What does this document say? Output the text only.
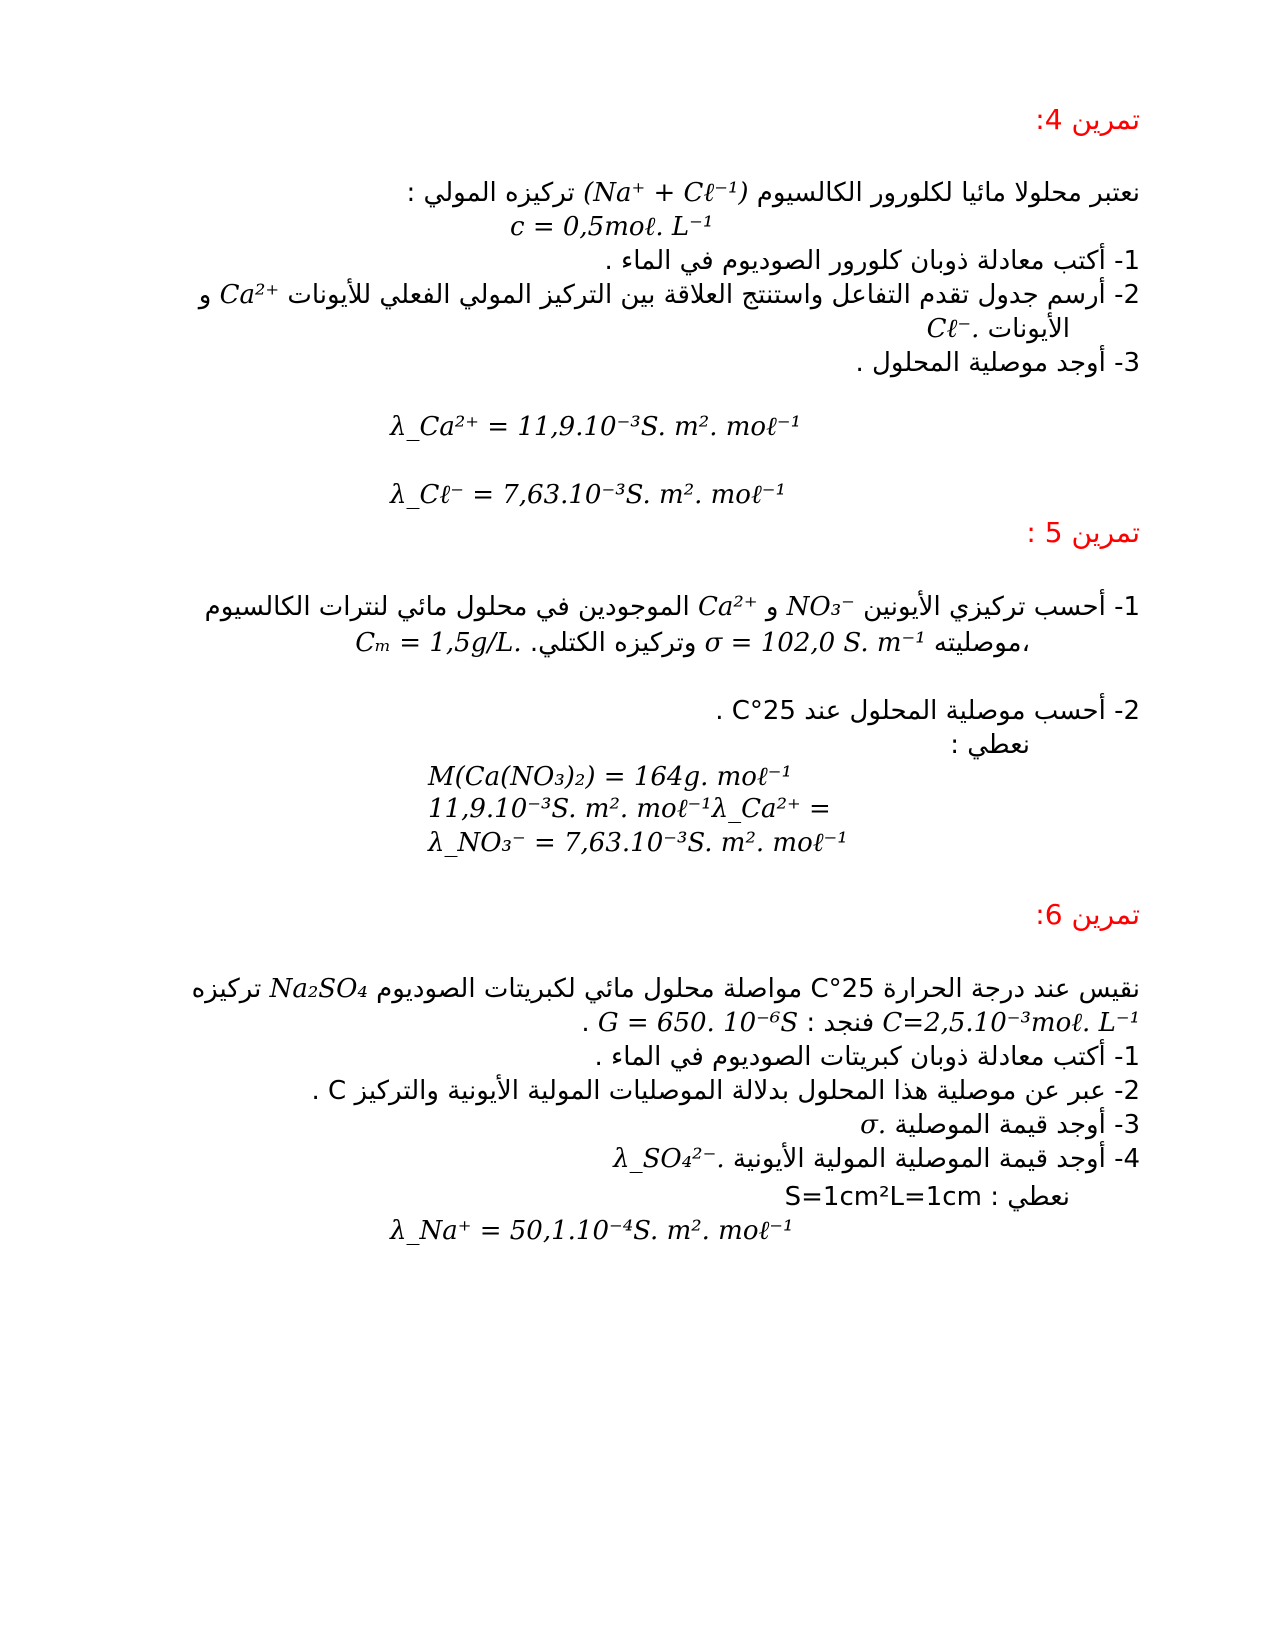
تمرين 4:
نعتبر محلولا مائيا لكلورور الكالسيوم (Na⁺ + Cℓ⁻¹) تركيزه المولي :
c = 0,5moℓ. L⁻¹
-1 أكتب معادلة ذوبان كلورور الصوديوم في الماء .
-2 أرسم جدول تقدم التفاعل واستنتج العلاقة بين التركيز المولي الفعلي للأيونات Ca²⁺ و
الأيونات Cℓ⁻.
-3 أوجد موصلية المحلول .
λ_Ca²⁺ = 11,9.10⁻³S. m². moℓ⁻¹
λ_Cℓ⁻ = 7,63.10⁻³S. m². moℓ⁻¹
تمرين 5 :
-1 أحسب تركيزي الأيونين NO₃⁻ و Ca²⁺ الموجودين في محلول مائي لنترات الكالسيوم
،موصليته σ = 102,0 S. m⁻¹ وتركيزه الكتلي. Cₘ = 1,5g/L.
-2 أحسب موصلية المحلول عند 25°C .
نعطي :
M(Ca(NO₃)₂) = 164g. moℓ⁻¹
11,9.10⁻³S. m². moℓ⁻¹λ_Ca²⁺ =
λ_NO₃⁻ = 7,63.10⁻³S. m². moℓ⁻¹
تمرين 6:
نقيس عند درجة الحرارة 25°C مواصلة محلول مائي لكبريتات الصوديوم Na₂SO₄ تركيزه
C=2,5.10⁻³moℓ. L⁻¹ فنجد : G = 650. 10⁻⁶S .
-1 أكتب معادلة ذوبان كبريتات الصوديوم في الماء .
-2 عبر عن موصلية هذا المحلول بدلالة الموصليات المولية الأيونية والتركيز C .
-3 أوجد قيمة الموصلية σ.
-4 أوجد قيمة الموصلية المولية الأيونية λ_SO₄²⁻.
نعطي : S=1cm²L=1cm
λ_Na⁺ = 50,1.10⁻⁴S. m². moℓ⁻¹
